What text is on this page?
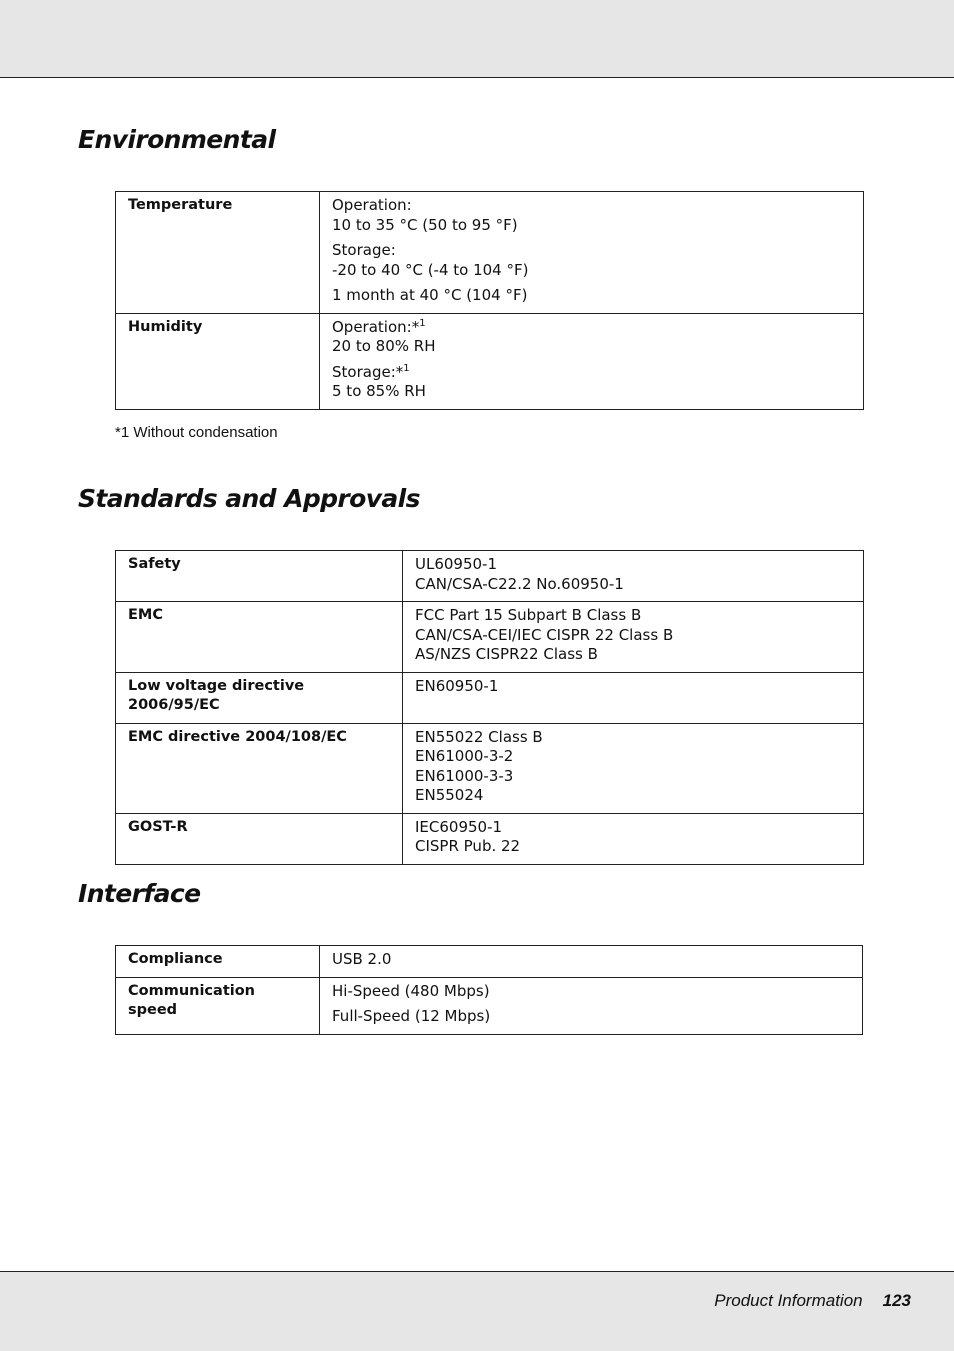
Environmental
Temperature	Operation:
10 to 35 °C (50 to 95 °F)

Storage:
-20 to 40 °C (-4 to 104 °F)

1 month at 40 °C (104 °F)

Humidity	Operation:*$^1$
20 to 80% RH

Storage:*$^1$
5 to 85% RH

*1 Without condensation
Standards and Approvals
Safety	UL60950-1
CAN/CSA-C22.2 No.60950-1

EMC	FCC Part 15 Subpart B Class B
CAN/CSA-CEI/IEC CISPR 22 Class B
AS/NZS CISPR22 Class B

Low voltage directive 2006/95/EC	EN60950-1

EMC directive 2004/108/EC	EN55022 Class B
EN61000-3-2
EN61000-3-3
EN55024

GOST-R	IEC60950-1
CISPR Pub. 22
Interface
Compliance	USB 2.0

Communication speed	Hi-Speed (480 Mbps)

Full-Speed (12 Mbps)

Product Information 123
